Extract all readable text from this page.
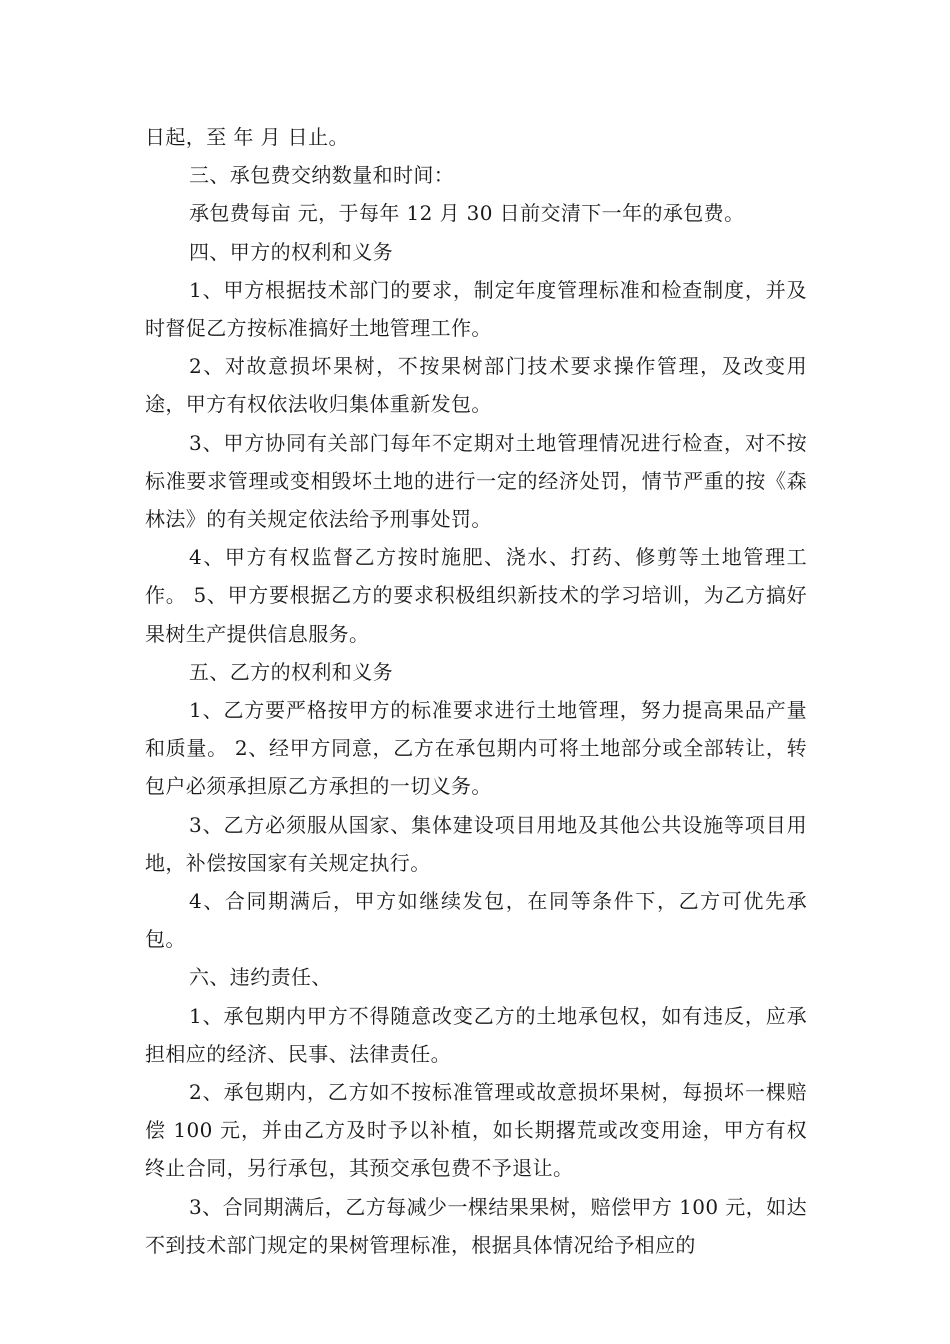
日起，至 年 月 日止。

三、承包费交纳数量和时间：

承包费每亩 元，于每年 12 月 30 日前交清下一年的承包费。

四、甲方的权利和义务

1、甲方根据技术部门的要求，制定年度管理标准和检查制度，并及时督促乙方按标准搞好土地管理工作。

2、对故意损坏果树，不按果树部门技术要求操作管理，及改变用途，甲方有权依法收归集体重新发包。

3、甲方协同有关部门每年不定期对土地管理情况进行检查，对不按标准要求管理或变相毁坏土地的进行一定的经济处罚，情节严重的按《森林法》的有关规定依法给予刑事处罚。

4、甲方有权监督乙方按时施肥、浇水、打药、修剪等土地管理工作。 5、甲方要根据乙方的要求积极组织新技术的学习培训，为乙方搞好果树生产提供信息服务。

五、乙方的权利和义务

1、乙方要严格按甲方的标准要求进行土地管理，努力提高果品产量和质量。 2、经甲方同意，乙方在承包期内可将土地部分或全部转让，转包户必须承担原乙方承担的一切义务。

3、乙方必须服从国家、集体建设项目用地及其他公共设施等项目用地，补偿按国家有关规定执行。

4、合同期满后，甲方如继续发包，在同等条件下，乙方可优先承包。

六、违约责任、

1、承包期内甲方不得随意改变乙方的土地承包权，如有违反，应承担相应的经济、民事、法律责任。

2、承包期内，乙方如不按标准管理或故意损坏果树，每损坏一棵赔偿 100 元，并由乙方及时予以补植，如长期撂荒或改变用途，甲方有权终止合同，另行承包，其预交承包费不予退让。

3、合同期满后，乙方每减少一棵结果果树，赔偿甲方 100 元，如达不到技术部门规定的果树管理标准，根据具体情况给予相应的
